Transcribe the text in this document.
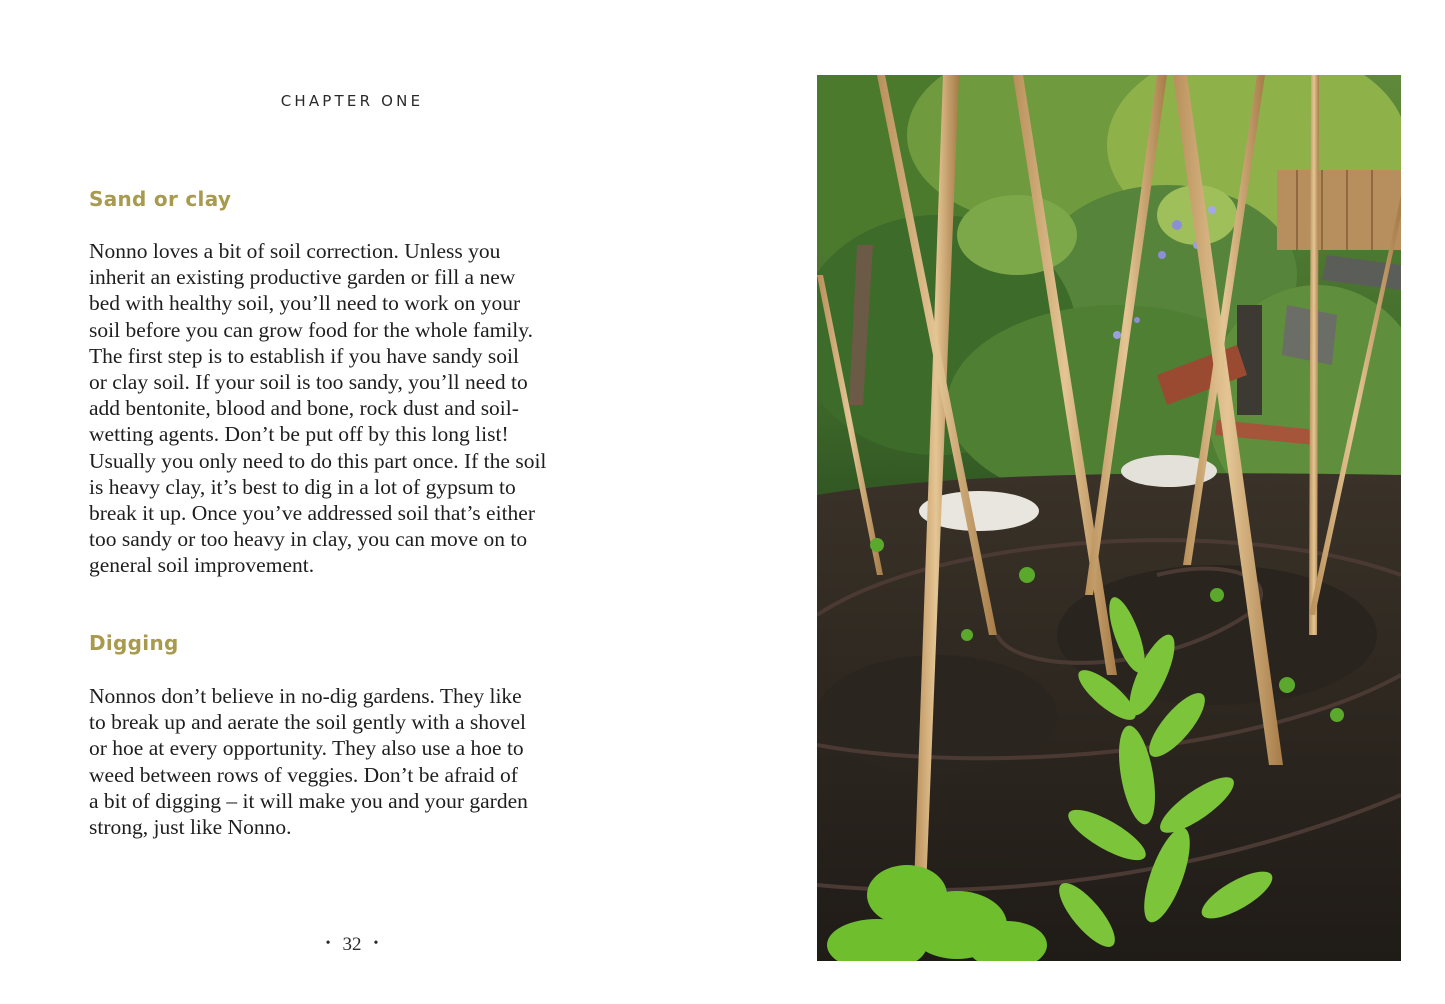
CHAPTER ONE
Sand or clay
Nonno loves a bit of soil correction. Unless you
inherit an existing productive garden or fill a new
bed with healthy soil, you’ll need to work on your
soil before you can grow food for the whole family.
The first step is to establish if you have sandy soil
or clay soil. If your soil is too sandy, you’ll need to
add bentonite, blood and bone, rock dust and soil-
wetting agents. Don’t be put off by this long list!
Usually you only need to do this part once. If the soil
is heavy clay, it’s best to dig in a lot of gypsum to
break it up. Once you’ve addressed soil that’s either
too sandy or too heavy in clay, you can move on to
general soil improvement.
Digging
Nonnos don’t believe in no-dig gardens. They like
to break up and aerate the soil gently with a shovel
or hoe at every opportunity. They also use a hoe to
weed between rows of veggies. Don’t be afraid of
a bit of digging – it will make you and your garden
strong, just like Nonno.
• 32 •
